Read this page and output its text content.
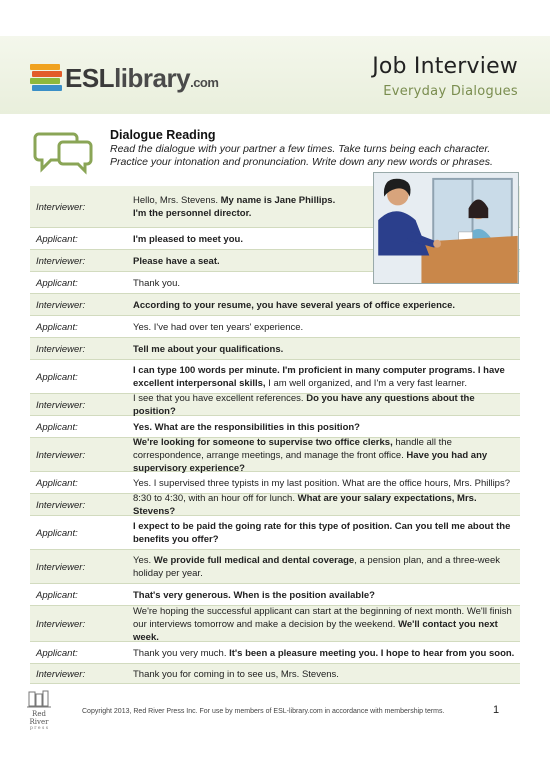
ESLlibrary.com
Job Interview
Everyday Dialogues
Dialogue Reading

Read the dialogue with your partner a few times. Take turns being each character. Practice your intonation and pronunciation. Write down any new words or phrases.

Interviewer:
Hello, Mrs. Stevens. My name is Jane Phillips.
I'm the personnel director.
Applicant:	I'm pleased to meet you.
Interviewer:	Please have a seat.
Applicant:	Thank you.
Interviewer:	According to your resume, you have several years of office experience.
Applicant:	Yes. I've had over ten years' experience.
Interviewer:	Tell me about your qualifications.
Applicant:
I can type 100 words per minute. I'm proficient in many computer programs. I have excellent interpersonal skills, I am well organized, and I'm a very fast learner.
Interviewer:
I see that you have excellent references. Do you have any questions about the position?
Applicant:	Yes. What are the responsibilities in this position?
Interviewer:
We're looking for someone to supervise two office clerks, handle all the correspondence, arrange meetings, and manage the front office. Have you had any supervisory experience?
Applicant:	Yes. I supervised three typists in my last position. What are the office hours, Mrs. Phillips?
Interviewer:
8:30 to 4:30, with an hour off for lunch. What are your salary expectations, Mrs. Stevens?
Applicant:
I expect to be paid the going rate for this type of position. Can you tell me about the benefits you offer?
Interviewer:
Yes. We provide full medical and dental coverage, a pension plan, and a three-week holiday per year.
Applicant:	That's very generous. When is the position available?
Interviewer:
We're hoping the successful applicant can start at the beginning of next month. We'll finish our interviews tomorrow and make a decision by the weekend. We'll contact you next week.
Applicant:	Thank you very much. It's been a pleasure meeting you. I hope to hear from you soon.
Interviewer:	Thank you for coming in to see us, Mrs. Stevens.
Red River
p r e s s
Copyright 2013, Red River Press Inc. For use by members of ESL-library.com in accordance with membership terms.	1
